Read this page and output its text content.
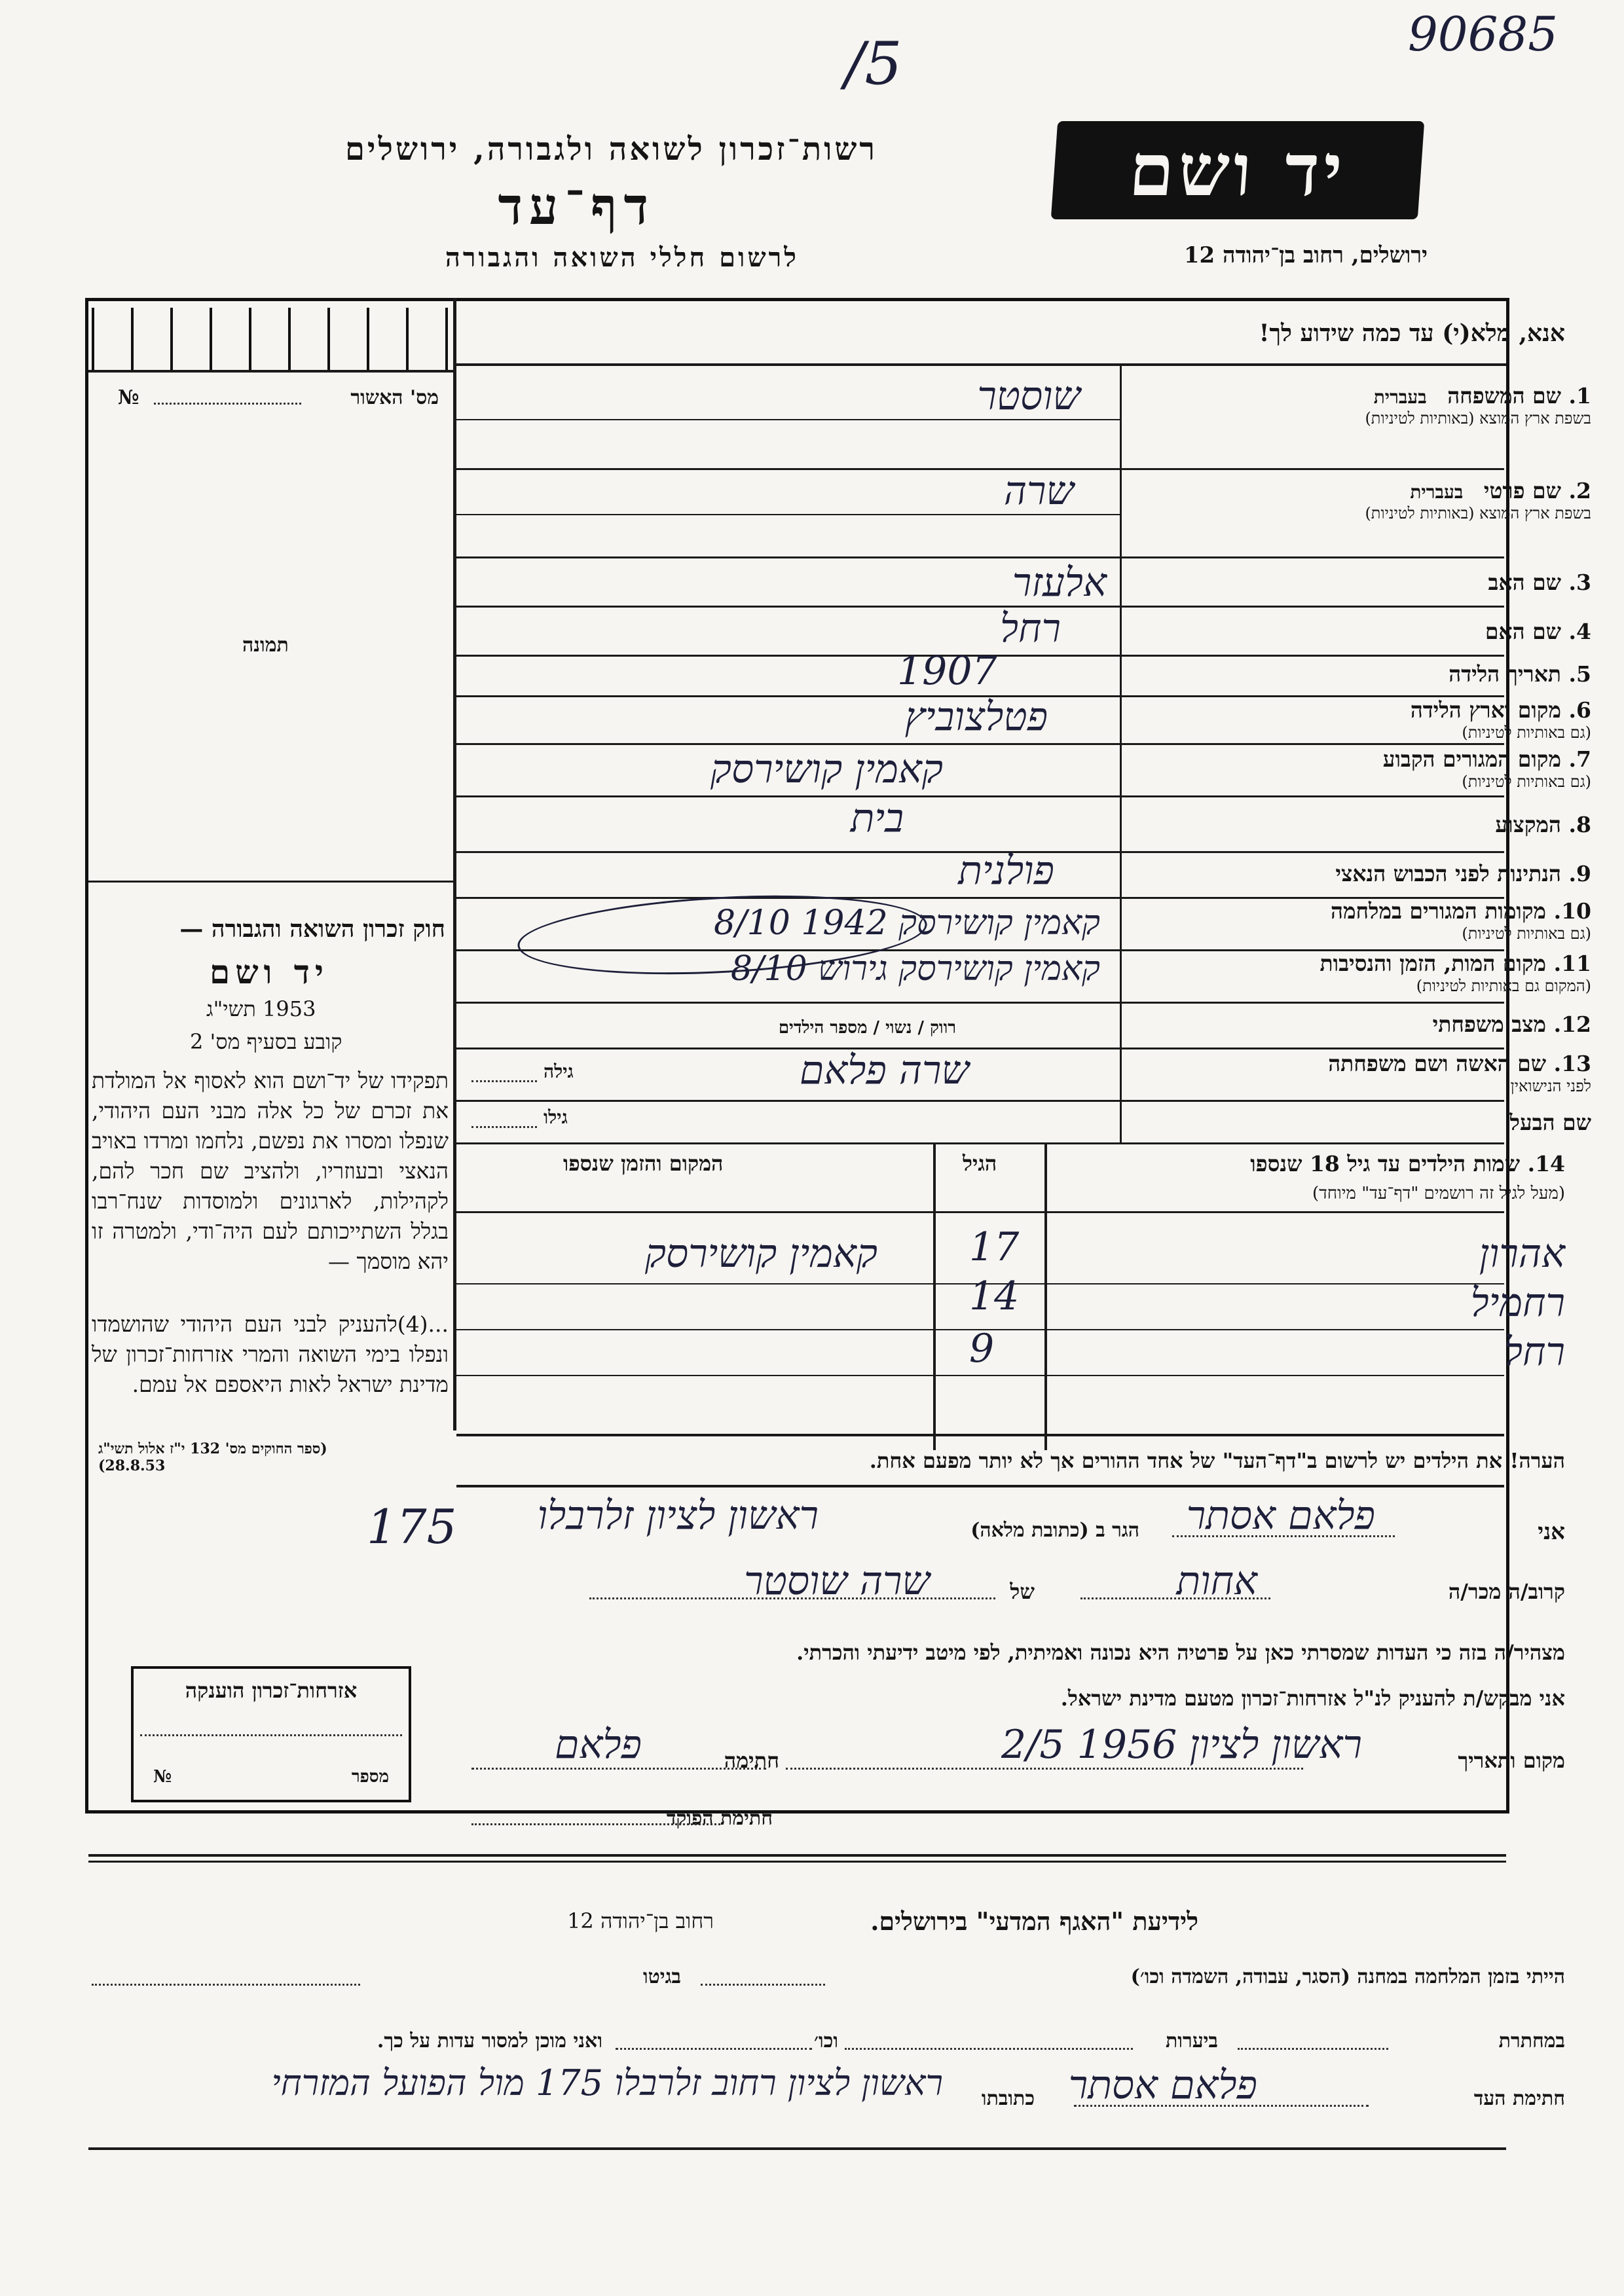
/5	90685
רשות־זכרון לשואה ולגבורה, ירושלים
דף־עד
לרשום חללי השואה והגבורה
יד ושם
ירושלים, רחוב בן־יהודה 12
מס' האשור
№
תמונה
אנא, מלא(י) עד כמה שידוע לך!
1. שם המשפחה בעברית
בשפת ארץ המוצא (באותיות לטיניות)
שוסטר
2. שם פרטי בעברית
בשפת ארץ המוצא (באותיות לטיניות)
שרה
3. שם האב
אלעזר
4. שם האם
רחל
5. תאריך הלידה
1907
6. מקום וארץ הלידה
(גם באותיות לטיניות)
פטלצוביץ
7. מקום המגורים הקבוע
(גם באותיות לטיניות)
קאמין קושירסק
8. המקצוע
בית
9. הנתינות לפני הכבוש הנאצי
פולנית
10. מקומות המגורים במלחמה
(גם באותיות לטיניות)
קאמין קושירסק 1942 8/10
11. מקום המות, הזמן והנסיבות
(המקום גם באותיות לטיניות)
קאמין קושירסק גירוש 8/10
12. מצב משפחתי
רווק / נשוי / מספר הילדים
13. שם האשה ושם משפחתה
לפני הנישואין
שרה פלאם
גילה
שם הבעל
גילו
14. שמות הילדים עד גיל 18 שנספו
(מעל לגיל זה רושמים "דף־עד" מיוחד)
הגיל
המקום והזמן שנספו
אהרון
17
קאמין קושירסק
רחמיל
14
רחל
9
הערה! את הילדים יש לרשום ב"דף־העד" של אחד ההורים אך לא יותר מפעם אחת.
חוק זכרון השואה והגבורה —
יד ושם
1953 תשי"ג
קובע בסעיף מס' 2
תפקידו של יד־ושם הוא לאסוף אל המולדת את זכרם של כל אלה מבני העם היהודי, שנפלו ומסרו את נפשם, נלחמו ומרדו באויב הנאצי ובעוזריו, ולהציב שם חכר להם, לקהילות, לארגונים ולמוסדות שנח־רבו בגלל השתייכותם לעם היה־ודי, ולמטרה זו יהא מוסמך —
...(4)להעניק לבני העם היהודי שהושמדו ונפלו בימי השואה והמרי אזרחות־זכרון של מדינת ישראל לאות היאספם אל עמם.
(ספר החוקים מס' 132 י"ז אלול תשי"ג 28.8.53)
אני
פלאם אסתר
הגר ב (כתובת מלאה)
ראשון לציון זלרבלו
175
קרוב/ה מכר/ה
אחות
של
שרה שוסטר
מצהיר/ה בזה כי העדות שמסרתי כאן על פרטיה היא נכונה ואמיתית, לפי מיטב ידיעתי והכרתי.
אני מבקש/ת להעניק לנ"ל אזרחות־זכרון מטעם מדינת ישראל.
מקום ותאריך
ראשון לציון 1956 2/5
חתימה
פלאם
חתימת הפוקד
אזרחות־זכרון הוענקה
מספר
№
לידיעת "האגף המדעי" בירושלים.
רחוב בן־יהודה 12
הייתי בזמן המלחמה במחנה (הסגר, עבודה, השמדה וכו׳)
בגיטו
במחתרת
ביערות
וכו׳
ואני מוכן למסור עדות על כך.
חתימת העד
פלאם אסתר
כתובתו
ראשון לציון רחוב זלרבלו 175 מול הפועל המזרחי
